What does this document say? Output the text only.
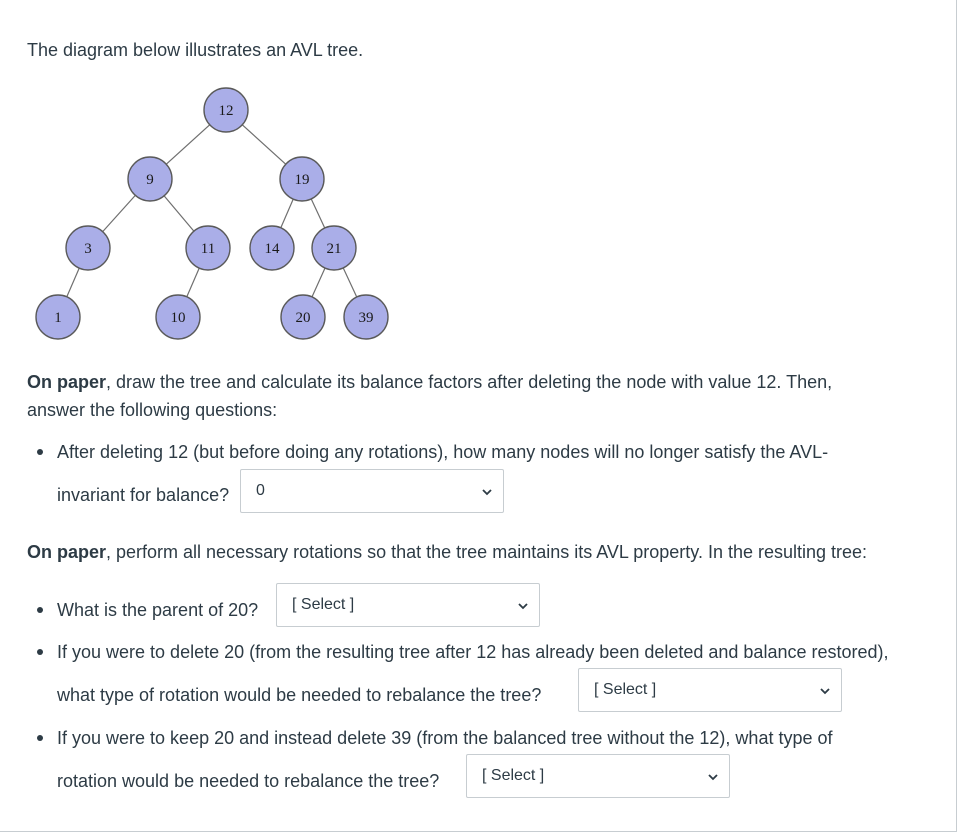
The diagram below illustrates an AVL tree.

12
9	19
3	11	14	21
1	10	20	39

On paper, draw the tree and calculate its balance factors after deleting the node with value 12. Then,
answer the following questions:

After deleting 12 (but before doing any rotations), how many nodes will no longer satisfy the AVL-
invariant for balance? 0

On paper, perform all necessary rotations so that the tree maintains its AVL property. In the resulting tree:

What is the parent of 20? [ Select ]
If you were to delete 20 (from the resulting tree after 12 has already been deleted and balance restored),
what type of rotation would be needed to rebalance the tree?	[ Select ]
If you were to keep 20 and instead delete 39 (from the balanced tree without the 12), what type of
rotation would be needed to rebalance the tree?	[ Select ]
